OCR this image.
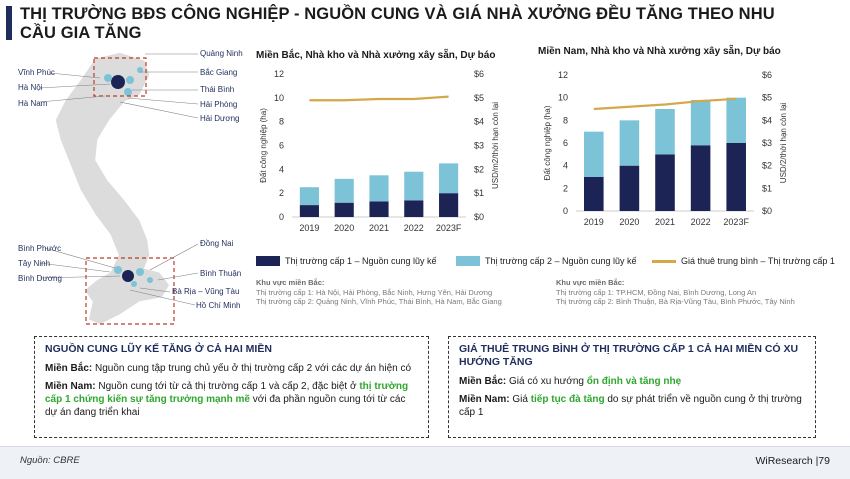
THỊ TRƯỜNG BĐS CÔNG NGHIỆP - NGUỒN CUNG VÀ GIÁ NHÀ XƯỞNG ĐỀU TĂNG THEO NHU CẦU GIA TĂNG
Quảng Ninh
Vĩnh Phúc	Bắc Giang
Hà Nội	Thái Bình
Hà Nam	Hải Phòng
Hải Dương
Bình Phước
Đồng Nai
Tây Ninh
Bình Dương
Bình Thuận
Bà Rịa – Vũng Tàu
Hồ Chí Minh
Miền Bắc, Nhà kho và Nhà xưởng xây sẵn, Dự báo	Miền Nam, Nhà kho và Nhà xưởng xây sẵn, Dự báo
0
2
4
6
8
10
12
$0
$1
$2
$3
$4
$5
$6
Đất công nghiệp (ha)	USD/m2/thời hạn còn lại
2019 2020 2021 2022 2023F
0
2
4
6
8
10
12
$0
$1
$2
$3
$4
$5
$6
Đất công nghiệp (ha)	USD/2/thời hạn còn lại
2019 2020 2021 2022 2023F
Thị trường cấp 1 – Nguồn cung lũy kế	Thị trường cấp 2 – Nguồn cung lũy kế	Giá thuê trung bình – Thị trường cấp 1
Khu vực miền Bắc:
Thị trường cấp 1: Hà Nội, Hải Phòng, Bắc Ninh, Hưng Yên, Hải Dương
Thị trường cấp 2: Quảng Ninh, Vĩnh Phúc, Thái Bình, Hà Nam, Bắc Giang
Khu vực miền Bắc:
Thị trường cấp 1: TP.HCM, Đồng Nai, Bình Dương, Long An
Thị trường cấp 2: Bình Thuận, Bà Rịa-Vũng Tàu, Bình Phước, Tây Ninh
NGUỒN CUNG LŨY KẾ TĂNG Ở CẢ HAI MIỀN

Miền Bắc: Nguồn cung tập trung chủ yếu ở thị trường cấp 2 với các dự án hiện có

Miền Nam: Nguồn cung tới từ cả thị trường cấp 1 và cấp 2, đặc biệt ở thị trường cấp 1 chứng kiến sự tăng trưởng mạnh mẽ với đa phần nguồn cung tới từ các dự án đang triển khai

GIÁ THUÊ TRUNG BÌNH Ở THỊ TRƯỜNG CẤP 1 CẢ HAI MIỀN CÓ XU HƯỚNG TĂNG

Miền Bắc: Giá có xu hướng ổn định và tăng nhẹ

Miền Nam: Giá tiếp tục đà tăng do sự phát triển về nguồn cung ở thị trường cấp 1

Nguồn: CBRE	WiResearch |79
